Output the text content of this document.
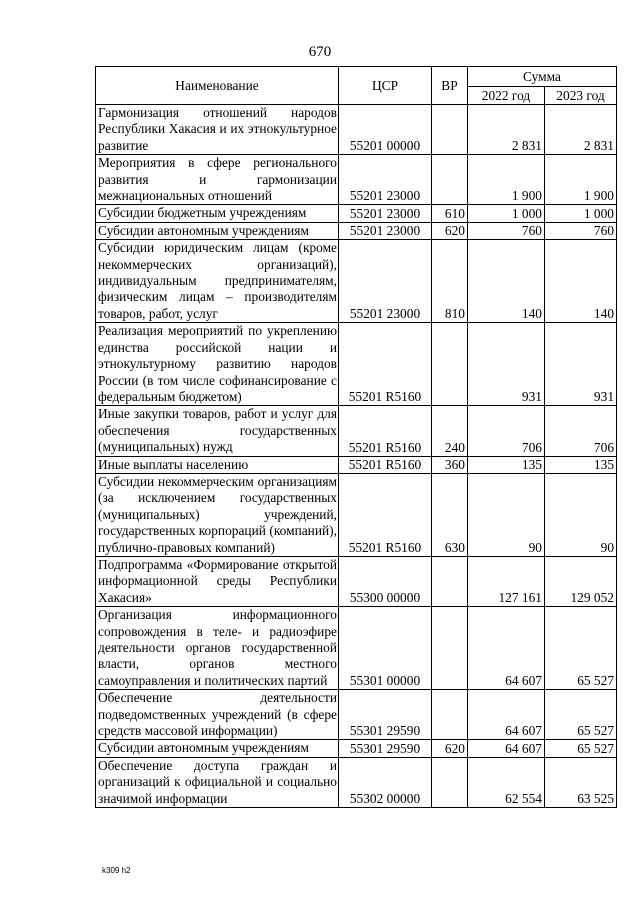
670
Наименование	ЦСР	ВР	Сумма	
			2022 год	2023 год
Гармонизация отношений народов Республики Хакасия и их этнокультурное развитие	55201 00000		2 831	2 831
Мероприятия в сфере регионального развития и гармонизации межнациональных отношений	55201 23000		1 900	1 900
Субсидии бюджетным учреждениям	55201 23000	610	1 000	1 000
Субсидии автономным учреждениям	55201 23000	620	760	760
Субсидии юридическим лицам (кроме некоммерческих организаций), индивидуальным предпринимателям, физическим лицам – производителям товаров, работ, услуг	55201 23000	810	140	140
Реализация мероприятий по укреплению единства российской нации и этнокультурному развитию народов России (в том числе софинансирование с федеральным бюджетом)	55201 R5160		931	931
Иные закупки товаров, работ и услуг для обеспечения государственных (муниципальных) нужд	55201 R5160	240	706	706
Иные выплаты населению	55201 R5160	360	135	135
Субсидии некоммерческим организациям (за исключением государственных (муниципальных) учреждений, государственных корпораций (компаний), публично-правовых компаний)	55201 R5160	630	90	90
Подпрограмма «Формирование открытой информационной среды Республики Хакасия»	55300 00000		127 161	129 052
Организация информационного сопровождения в теле- и радиоэфире деятельности органов государственной власти, органов местного самоуправления и политических партий	55301 00000		64 607	65 527
Обеспечение деятельности подведомственных учреждений (в сфере средств массовой информации)	55301 29590		64 607	65 527
Субсидии автономным учреждениям	55301 29590	620	64 607	65 527
Обеспечение доступа граждан и организаций к официальной и социально значимой информации	55302 00000		62 554	63 525
k309 h2
